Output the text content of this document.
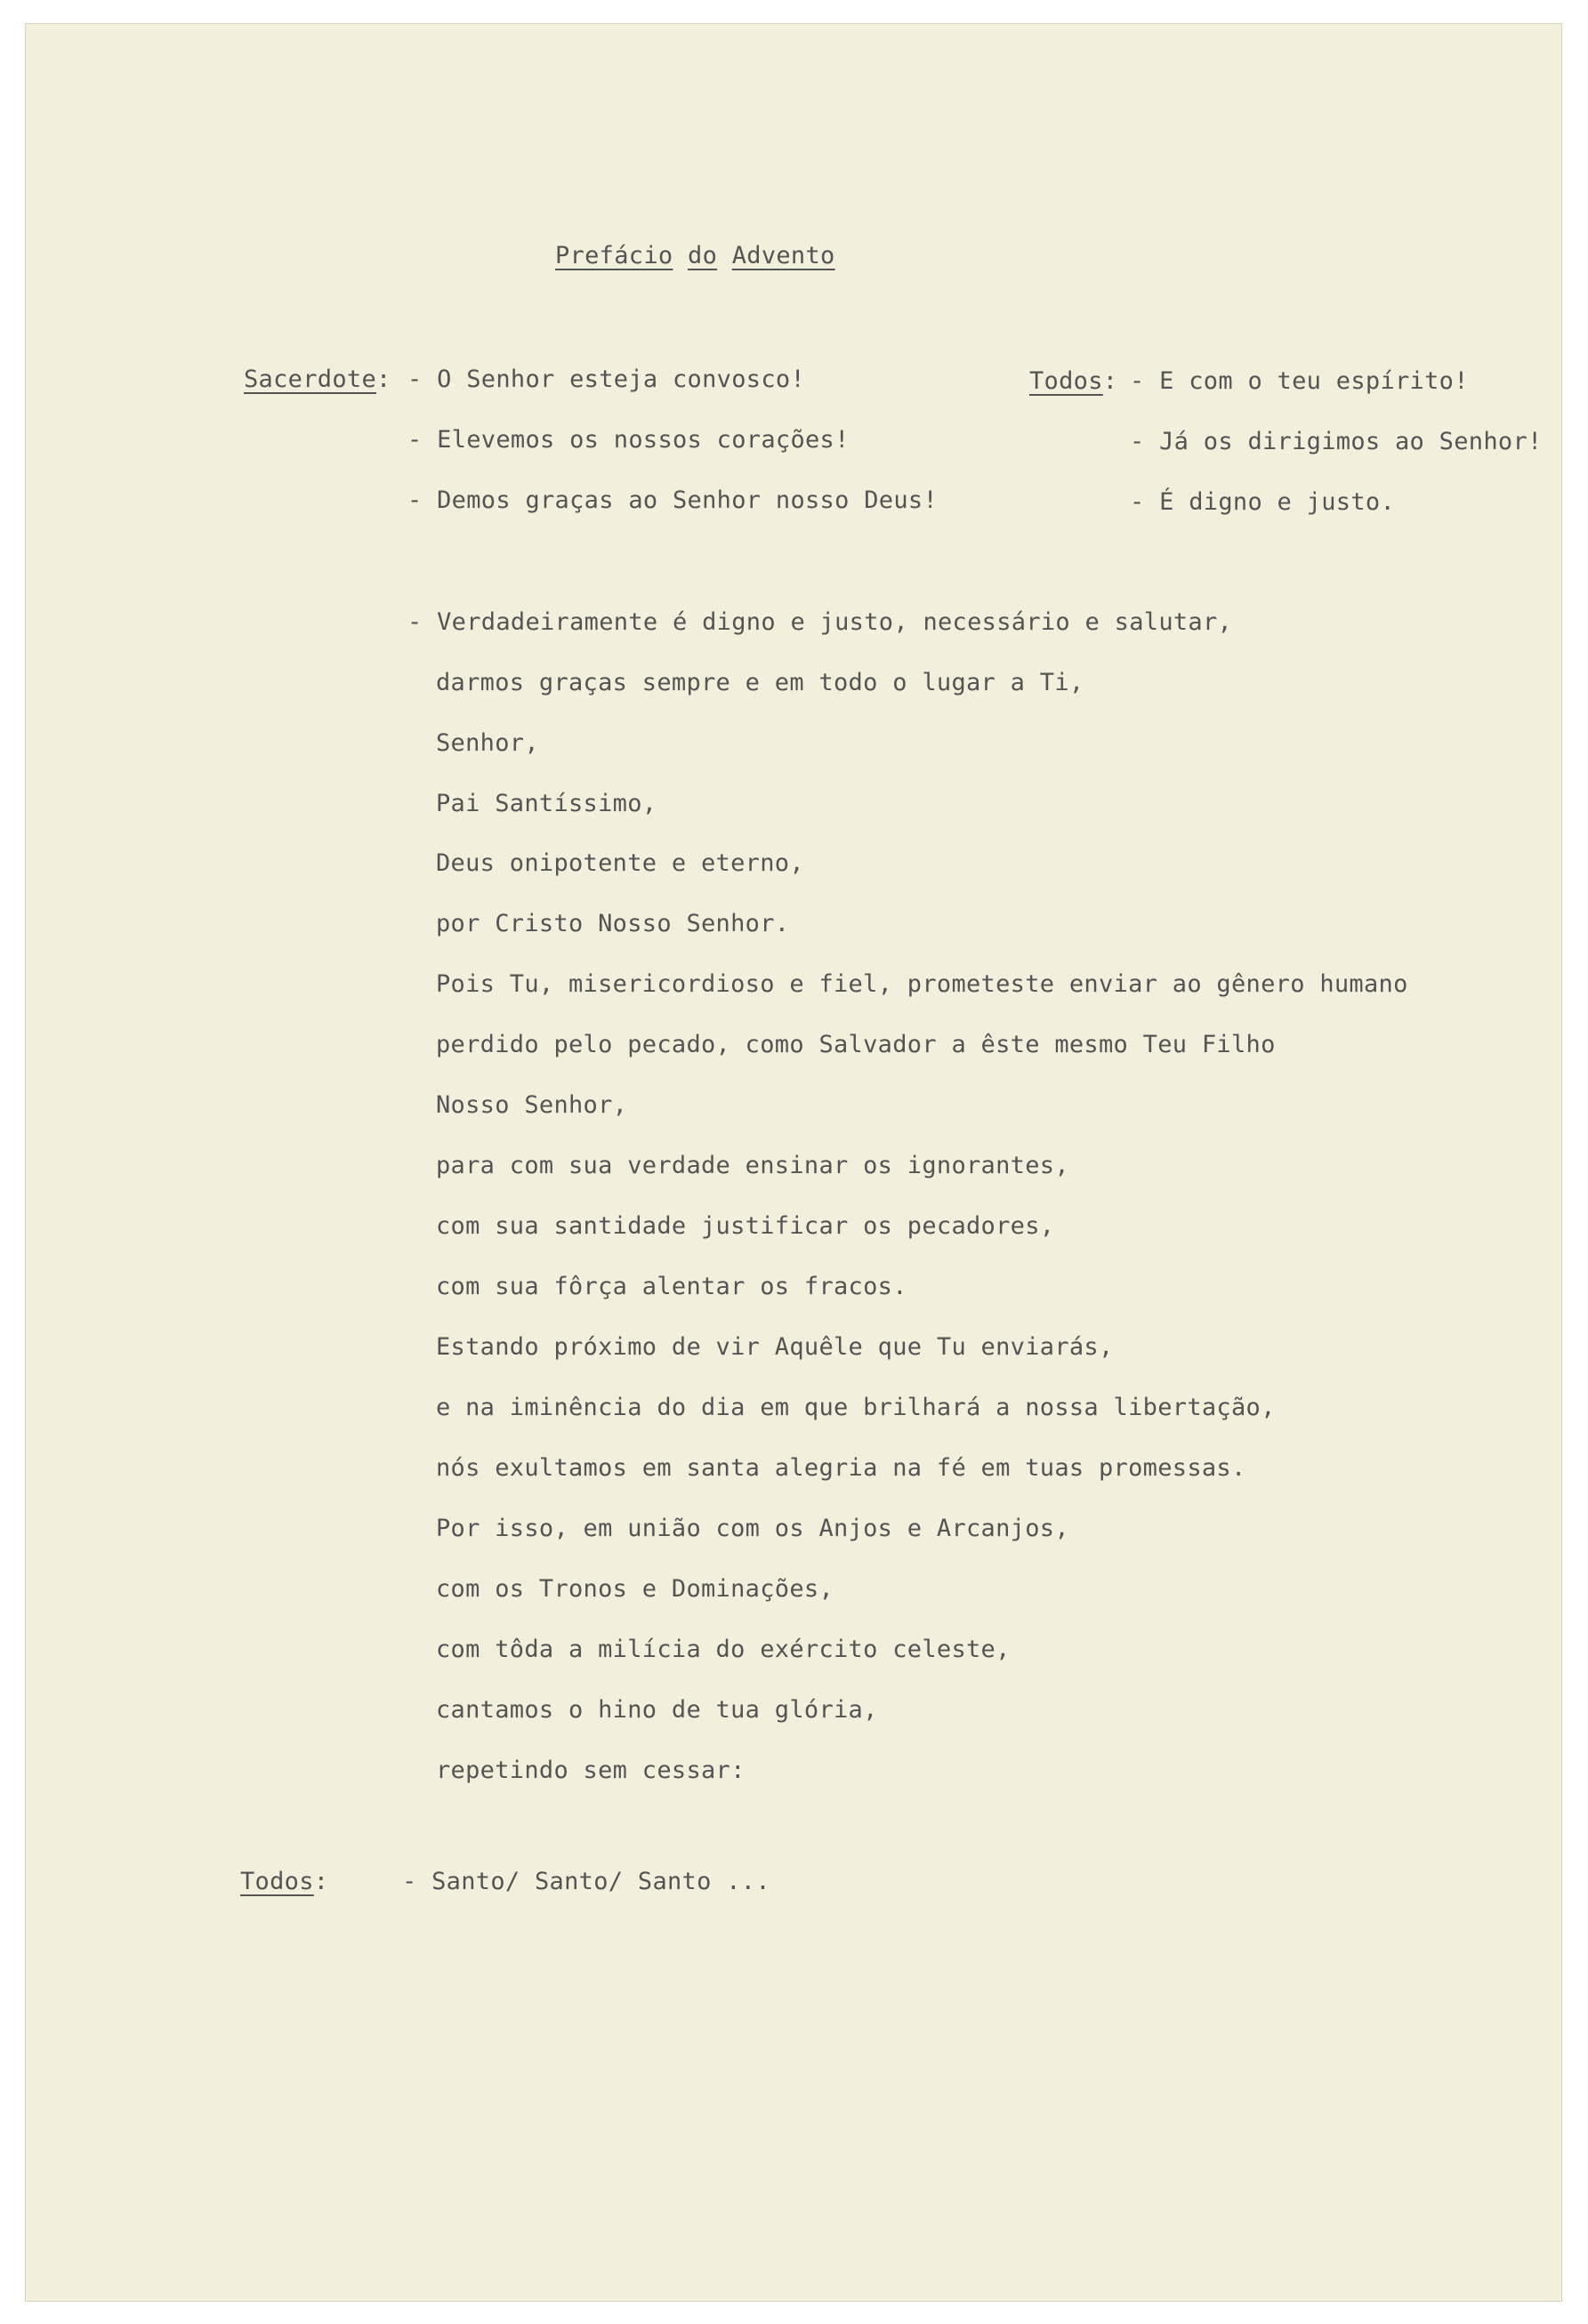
Prefácio do Advento
Sacerdote: - O Senhor esteja convosco!
- Elevemos os nossos corações!
- Demos graças ao Senhor nosso Deus!
Todos: - E com o teu espírito!
- Já os dirigimos ao Senhor!
- É digno e justo.
- Verdadeiramente é digno e justo, necessário e salutar,
darmos graças sempre e em todo o lugar a Ti,
Senhor,
Pai Santíssimo,
Deus onipotente e eterno,
por Cristo Nosso Senhor.
Pois Tu, misericordioso e fiel, prometeste enviar ao gênero humano
perdido pelo pecado, como Salvador a êste mesmo Teu Filho
Nosso Senhor,
para com sua verdade ensinar os ignorantes,
com sua santidade justificar os pecadores,
com sua fôrça alentar os fracos.
Estando próximo de vir Aquêle que Tu enviarás,
e na iminência do dia em que brilhará a nossa libertação,
nós exultamos em santa alegria na fé em tuas promessas.
Por isso, em união com os Anjos e Arcanjos,
com os Tronos e Dominações,
com tôda a milícia do exército celeste,
cantamos o hino de tua glória,
repetindo sem cessar:
Todos:	- Santo/ Santo/ Santo ...
